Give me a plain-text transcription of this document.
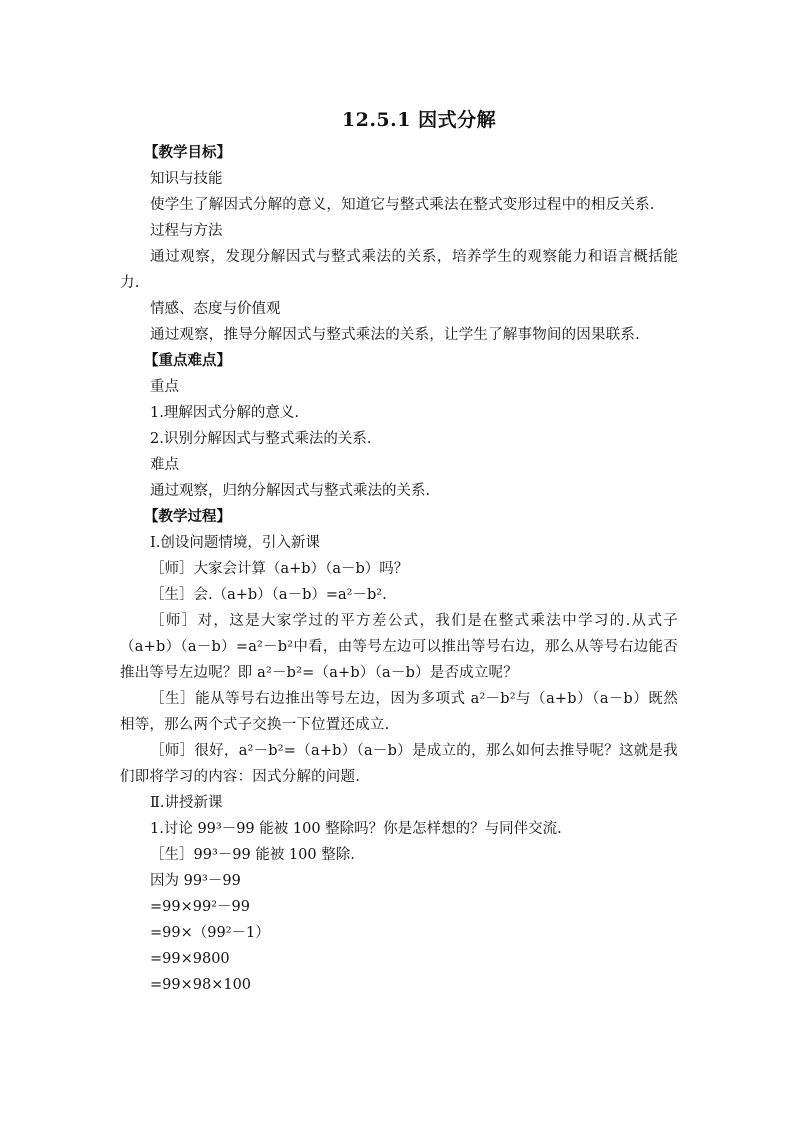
12.5.1 因式分解
【教学目标】
知识与技能

使学生了解因式分解的意义，知道它与整式乘法在整式变形过程中的相反关系.

过程与方法

通过观察，发现分解因式与整式乘法的关系，培养学生的观察能力和语言概括能力.

情感、态度与价值观

通过观察，推导分解因式与整式乘法的关系，让学生了解事物间的因果联系.

【重点难点】
重点
1.理解因式分解的意义.
2.识别分解因式与整式乘法的关系.
难点
通过观察，归纳分解因式与整式乘法的关系.
【教学过程】
Ⅰ.创设问题情境，引入新课
［师］大家会计算（a+b）（a－b）吗？
［生］会.（a+b）（a－b）=a²－b².

［师］对，这是大家学过的平方差公式，我们是在整式乘法中学习的.从式子（a+b）（a－b）=a²－b²中看，由等号左边可以推出等号右边，那么从等号右边能否推出等号左边呢？即 a²－b²=（a+b）（a－b）是否成立呢？

［生］能从等号右边推出等号左边，因为多项式 a²－b²与（a+b）（a－b）既然相等，那么两个式子交换一下位置还成立.

［师］很好，a²－b²=（a+b）（a－b）是成立的，那么如何去推导呢？这就是我们即将学习的内容：因式分解的问题.

Ⅱ.讲授新课
1.讨论 99³－99 能被 100 整除吗？你是怎样想的？与同伴交流.
［生］99³－99 能被 100 整除.
因为 99³－99
=99×99²－99
=99×（99²－1）
=99×9800
=99×98×100
